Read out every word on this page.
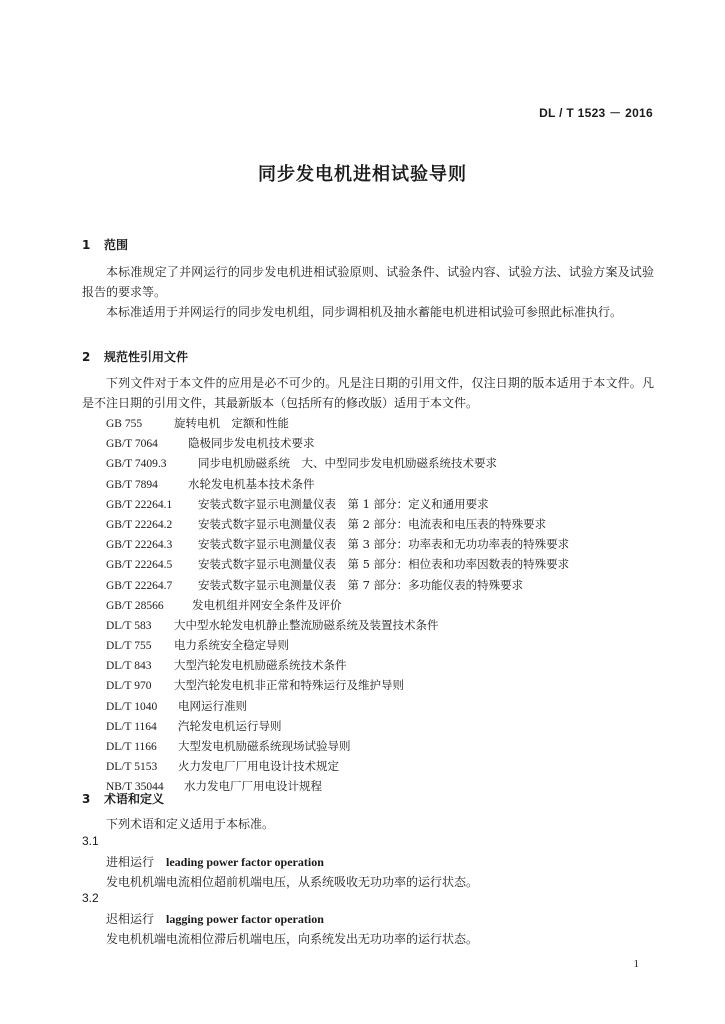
DL / T 1523 － 2016
同步发电机进相试验导则
1 范围
本标准规定了并网运行的同步发电机进相试验原则、试验条件、试验内容、试验方法、试验方案及试验报告的要求等。
本标准适用于并网运行的同步发电机组，同步调相机及抽水蓄能电机进相试验可参照此标准执行。
2 规范性引用文件
下列文件对于本文件的应用是必不可少的。凡是注日期的引用文件，仅注日期的版本适用于本文件。凡是不注日期的引用文件，其最新版本（包括所有的修改版）适用于本文件。
GB 755	旋转电机　定额和性能
GB/T 7064	隐极同步发电机技术要求
GB/T 7409.3	同步电机励磁系统　大、中型同步发电机励磁系统技术要求
GB/T 7894	水轮发电机基本技术条件
GB/T 22264.1 安装式数字显示电测量仪表　第 1 部分：定义和通用要求
GB/T 22264.2 安装式数字显示电测量仪表　第 2 部分：电流表和电压表的特殊要求
GB/T 22264.3 安装式数字显示电测量仪表　第 3 部分：功率表和无功功率表的特殊要求
GB/T 22264.5 安装式数字显示电测量仪表　第 5 部分：相位表和功率因数表的特殊要求
GB/T 22264.7 安装式数字显示电测量仪表　第 7 部分：多功能仪表的特殊要求
GB/T 28566 发电机组并网安全条件及评价
DL/T 583 大中型水轮发电机静止整流励磁系统及装置技术条件
DL/T 755 电力系统安全稳定导则
DL/T 843 大型汽轮发电机励磁系统技术条件
DL/T 970 大型汽轮发电机非正常和特殊运行及维护导则
DL/T 1040 电网运行准则
DL/T 1164 汽轮发电机运行导则
DL/T 1166 大型发电机励磁系统现场试验导则
DL/T 5153 火力发电厂厂用电设计技术规定
NB/T 35044 水力发电厂厂用电设计规程
3 术语和定义
下列术语和定义适用于本标准。
3.1
进相运行 leading power factor operation
发电机机端电流相位超前机端电压，从系统吸收无功功率的运行状态。
3.2
迟相运行 lagging power factor operation
发电机机端电流相位滞后机端电压，向系统发出无功功率的运行状态。
1
